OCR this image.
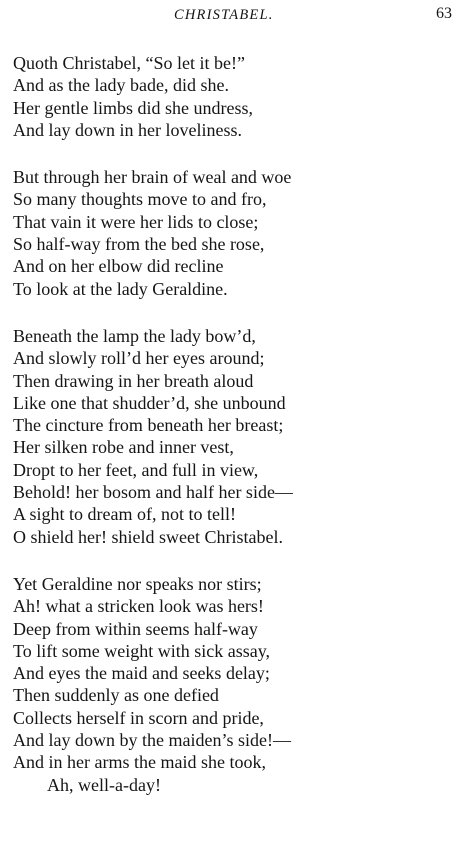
CHRISTABEL.	63
Quoth Christabel, “So let it be!”
And as the lady bade, did she.
Her gentle limbs did she undress,
And lay down in her loveliness.
But through her brain of weal and woe
So many thoughts move to and fro,
That vain it were her lids to close;
So half-way from the bed she rose,
And on her elbow did recline
To look at the lady Geraldine.
Beneath the lamp the lady bow’d,
And slowly roll’d her eyes around;
Then drawing in her breath aloud
Like one that shudder’d, she unbound
The cincture from beneath her breast;
Her silken robe and inner vest,
Dropt to her feet, and full in view,
Behold! her bosom and half her side—
A sight to dream of, not to tell!
O shield her! shield sweet Christabel.
Yet Geraldine nor speaks nor stirs;
Ah! what a stricken look was hers!
Deep from within seems half-way
To lift some weight with sick assay,
And eyes the maid and seeks delay;
Then suddenly as one defied
Collects herself in scorn and pride,
And lay down by the maiden’s side!—
And in her arms the maid she took,
Ah, well-a-day!
